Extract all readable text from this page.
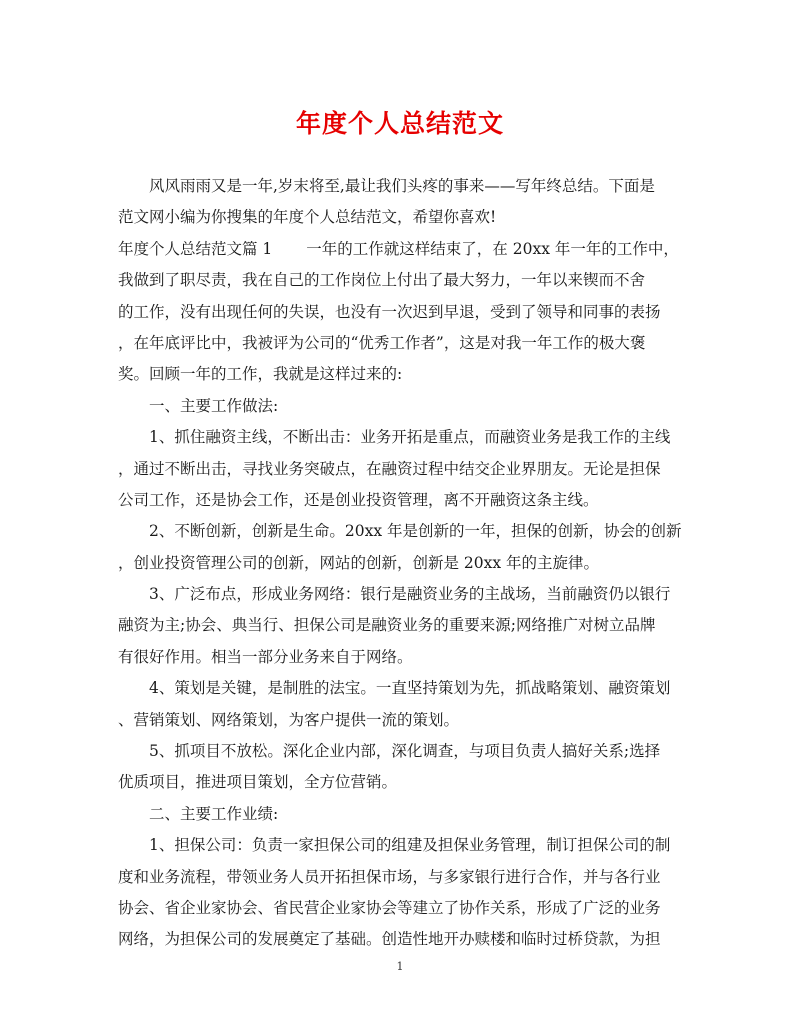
年度个人总结范文
风风雨雨又是一年,岁末将至,最让我们头疼的事来——写年终总结。下面是
范文网小编为你搜集的年度个人总结范文，希望你喜欢!
年度个人总结范文篇 1 一年的工作就这样结束了，在 20xx 年一年的工作中，
我做到了职尽责，我在自己的工作岗位上付出了最大努力，一年以来锲而不舍
的工作，没有出现任何的失误，也没有一次迟到早退，受到了领导和同事的表扬
，在年底评比中，我被评为公司的“优秀工作者”，这是对我一年工作的极大褒
奖。回顾一年的工作，我就是这样过来的:
一、主要工作做法:
1、抓住融资主线，不断出击：业务开拓是重点，而融资业务是我工作的主线
，通过不断出击，寻找业务突破点，在融资过程中结交企业界朋友。无论是担保
公司工作，还是协会工作，还是创业投资管理，离不开融资这条主线。
2、不断创新，创新是生命。20xx 年是创新的一年，担保的创新，协会的创新
，创业投资管理公司的创新，网站的创新，创新是 20xx 年的主旋律。
3、广泛布点，形成业务网络：银行是融资业务的主战场，当前融资仍以银行
融资为主;协会、典当行、担保公司是融资业务的重要来源;网络推广对树立品牌
有很好作用。相当一部分业务来自于网络。
4、策划是关键，是制胜的法宝。一直坚持策划为先，抓战略策划、融资策划
、营销策划、网络策划，为客户提供一流的策划。
5、抓项目不放松。深化企业内部，深化调查，与项目负责人搞好关系;选择
优质项目，推进项目策划，全方位营销。
二、主要工作业绩:
1、担保公司：负责一家担保公司的组建及担保业务管理，制订担保公司的制
度和业务流程，带领业务人员开拓担保市场，与多家银行进行合作，并与各行业
协会、省企业家协会、省民营企业家协会等建立了协作关系，形成了广泛的业务
网络，为担保公司的发展奠定了基础。创造性地开办赎楼和临时过桥贷款，为担
1
